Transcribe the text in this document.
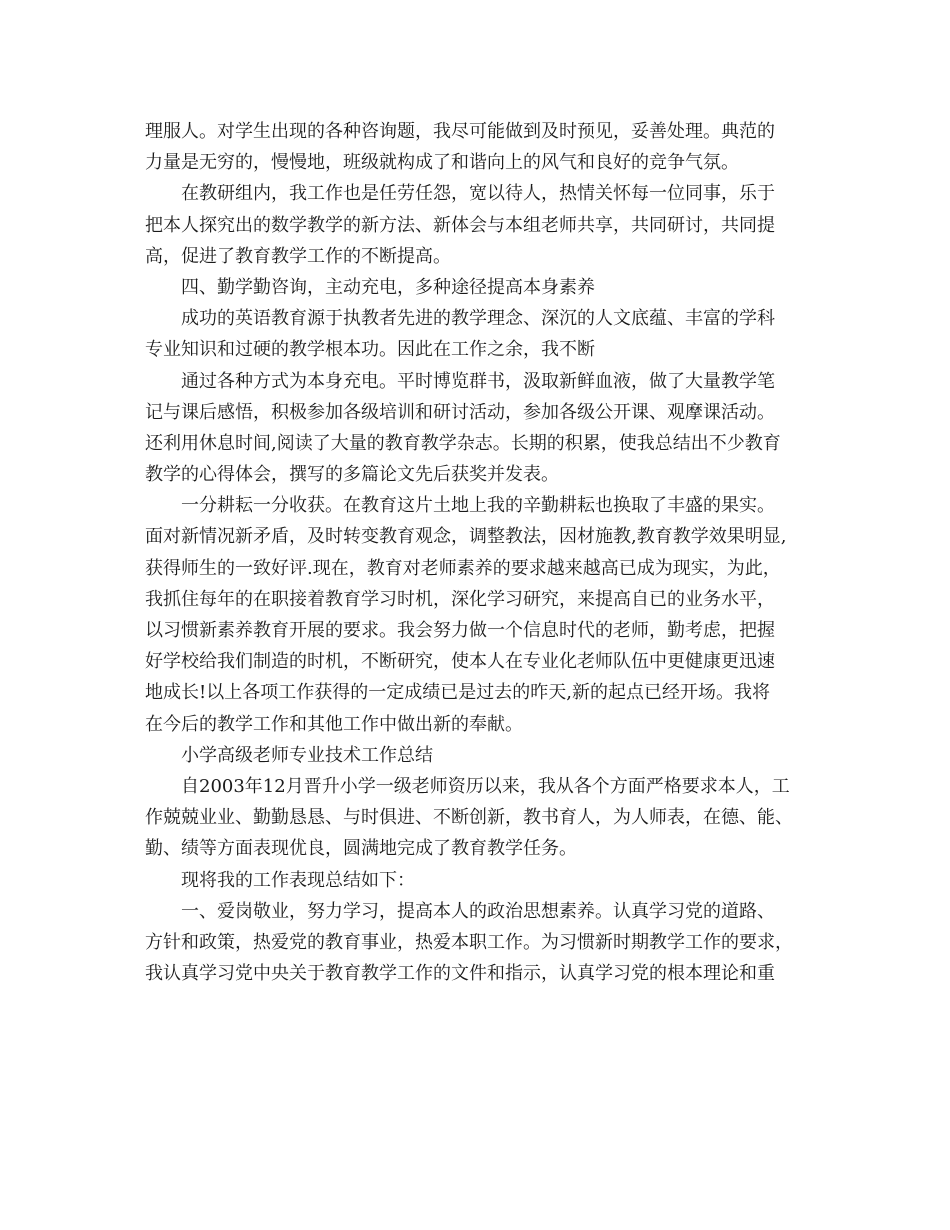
理服人。对学生出现的各种咨询题，我尽可能做到及时预见，妥善处理。典范的
力量是无穷的，慢慢地，班级就构成了和谐向上的风气和良好的竞争气氛。
在教研组内，我工作也是任劳任怨，宽以待人，热情关怀每一位同事，乐于
把本人探究出的数学教学的新方法、新体会与本组老师共享，共同研讨，共同提
高，促进了教育教学工作的不断提高。
四、勤学勤咨询，主动充电，多种途径提高本身素养
成功的英语教育源于执教者先进的教学理念、深沉的人文底蕴、丰富的学科
专业知识和过硬的教学根本功。因此在工作之余，我不断
通过各种方式为本身充电。平时博览群书，汲取新鲜血液，做了大量教学笔
记与课后感悟，积极参加各级培训和研讨活动，参加各级公开课、观摩课活动。
还利用休息时间,阅读了大量的教育教学杂志。长期的积累，使我总结出不少教育
教学的心得体会，撰写的多篇论文先后获奖并发表。
一分耕耘一分收获。在教育这片土地上我的辛勤耕耘也换取了丰盛的果实。
面对新情况新矛盾，及时转变教育观念，调整教法，因材施教,教育教学效果明显,
获得师生的一致好评.现在，教育对老师素养的要求越来越高已成为现实，为此，
我抓住每年的在职接着教育学习时机，深化学习研究，来提高自已的业务水平，
以习惯新素养教育开展的要求。我会努力做一个信息时代的老师，勤考虑，把握
好学校给我们制造的时机，不断研究，使本人在专业化老师队伍中更健康更迅速
地成长!以上各项工作获得的一定成绩已是过去的昨天,新的起点已经开场。我将
在今后的教学工作和其他工作中做出新的奉献。
小学高级老师专业技术工作总结
自2003年12月晋升小学一级老师资历以来，我从各个方面严格要求本人，工
作兢兢业业、勤勤恳恳、与时俱进、不断创新，教书育人，为人师表，在德、能、
勤、绩等方面表现优良，圆满地完成了教育教学任务。
现将我的工作表现总结如下：
一、爱岗敬业，努力学习，提高本人的政治思想素养。认真学习党的道路、
方针和政策，热爱党的教育事业，热爱本职工作。为习惯新时期教学工作的要求，
我认真学习党中央关于教育教学工作的文件和指示，认真学习党的根本理论和重
